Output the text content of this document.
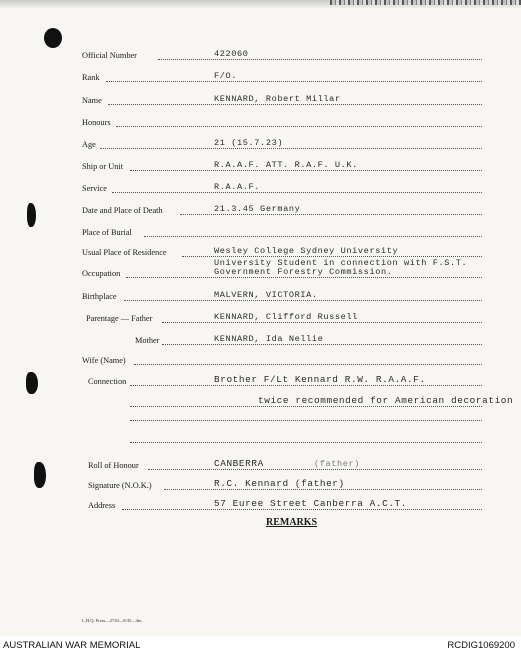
Official Number	422060
Rank	F/O.
Name	KENNARD, Robert Millar
Honours
Age	21 (15.7.23)
Ship or Unit	R.A.A.F. ATT. R.A.F. U.K.
Service	R.A.A.F.
Date and Place of Death	21.3.45 Germany
Place of Burial
Usual Place of Residence	Wesley College Sydney University
Occupation
University Student in connection with F.S.T.
Government Forestry Commission.
Birthplace	MALVERN, VICTORIA.
Parentage — Father	KENNARD, Clifford Russell
Mother	KENNARD, Ida Nellie
Wife (Name)
Connection	Brother F/Lt Kennard R.W. R.A.A.F.
twice recommended for American decoration
Roll of Honour	CANBERRA	(father)
Signature (N.O.K.)	R.C. Kennard (father)
Address	57 Euree Street Canberra A.C.T.
REMARKS
L.H.Q. Press—2720—8/45—4m.
AUSTRALIAN WAR MEMORIAL	RCDIG1069200
